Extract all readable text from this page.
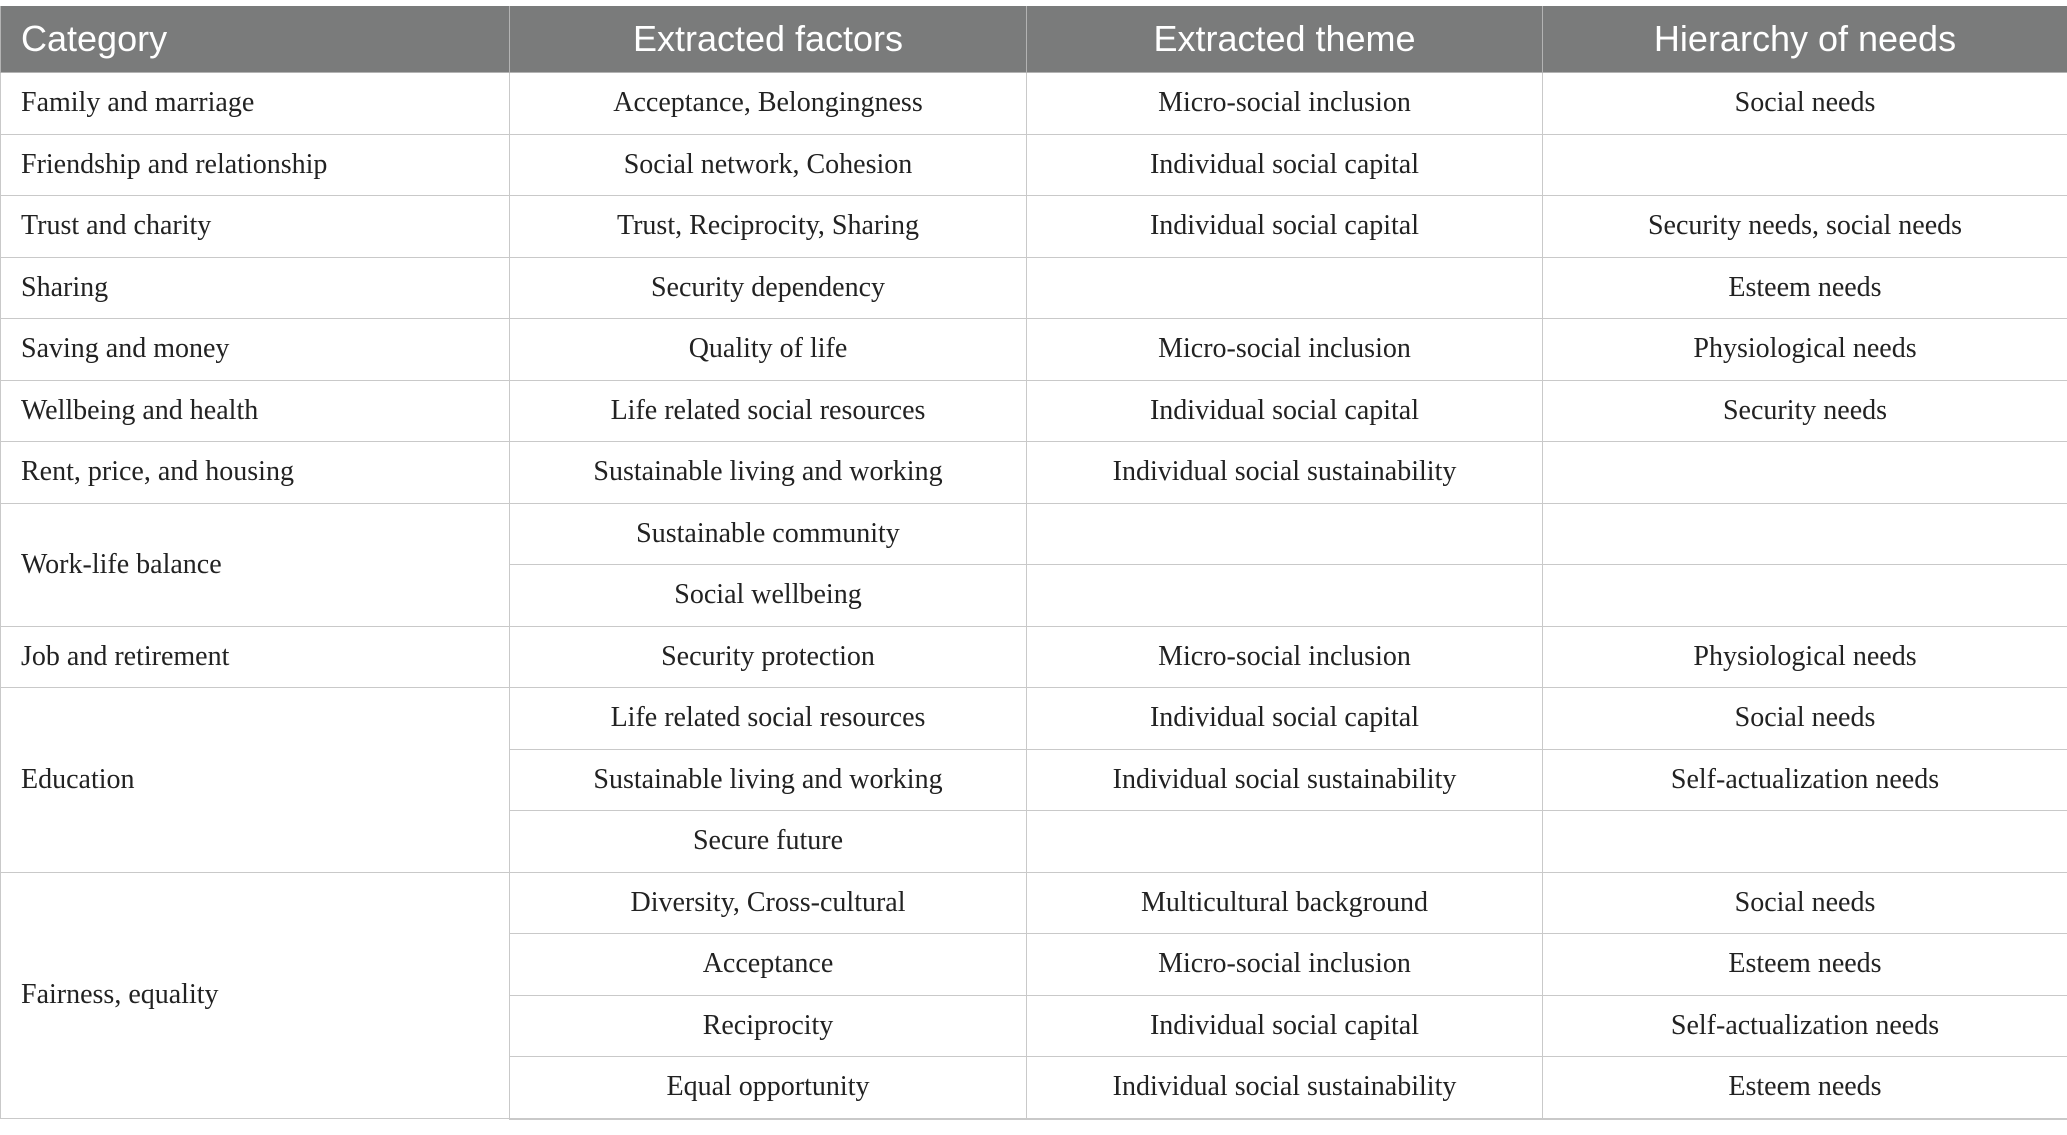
Category	Extracted factors	Extracted theme	Hierarchy of needs
Family and marriage	Acceptance, Belongingness	Micro-social inclusion	Social needs
Friendship and relationship	Social network, Cohesion	Individual social capital	
Trust and charity	Trust, Reciprocity, Sharing	Individual social capital	Security needs, social needs
Sharing	Security dependency		Esteem needs
Saving and money	Quality of life	Micro-social inclusion	Physiological needs
Wellbeing and health	Life related social resources	Individual social capital	Security needs
Rent, price, and housing	Sustainable living and working	Individual social sustainability	
Work-life balance	Sustainable community		
	Social wellbeing		
Job and retirement	Security protection	Micro-social inclusion	Physiological needs
Education	Life related social resources	Individual social capital	Social needs
	Sustainable living and working	Individual social sustainability	Self-actualization needs
	Secure future		
Fairness, equality	Diversity, Cross-cultural	Multicultural background	Social needs
	Acceptance	Micro-social inclusion	Esteem needs
	Reciprocity	Individual social capital	Self-actualization needs
	Equal opportunity	Individual social sustainability	Esteem needs
